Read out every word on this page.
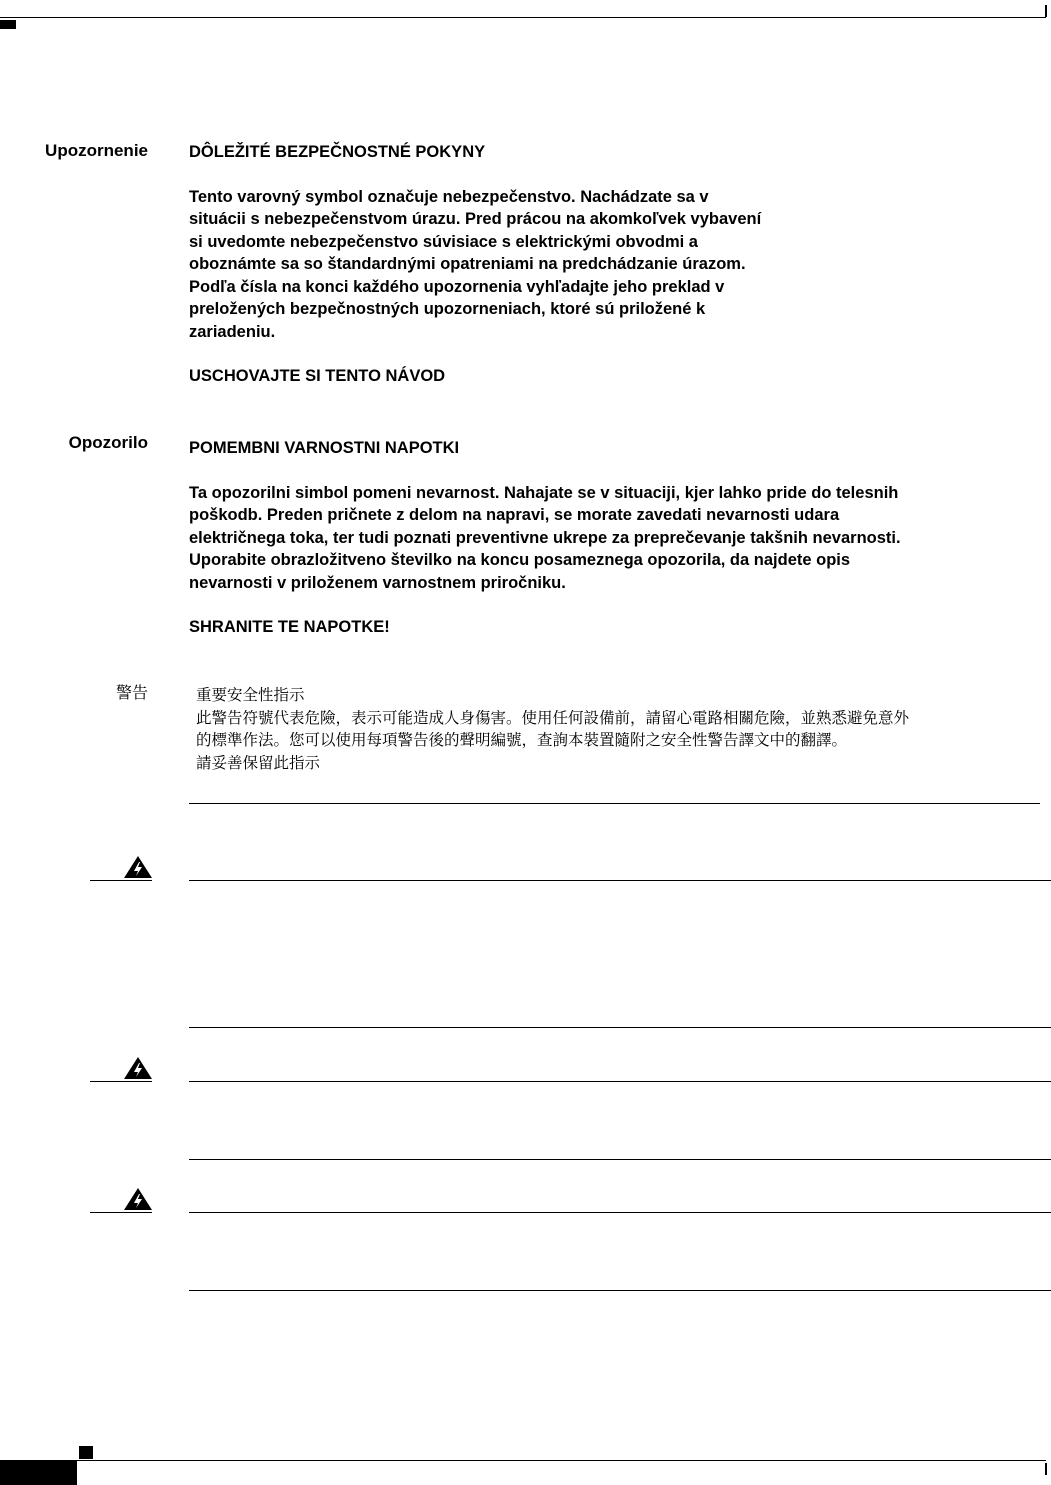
Upozornenie DÔLEŽITÉ BEZPEČNOSTNÉ POKYNY

Tento varovný symbol označuje nebezpečenstvo. Nachádzate sa v
situácii s nebezpečenstvom úrazu. Pred prácou na akomkoľvek vybavení
si uvedomte nebezpečenstvo súvisiace s elektrickými obvodmi a
oboznámte sa so štandardnými opatreniami na predchádzanie úrazom.
Podľa čísla na konci každého upozornenia vyhľadajte jeho preklad v
preložených bezpečnostných upozorneniach, ktoré sú priložené k
zariadeniu.

USCHOVAJTE SI TENTO NÁVOD

Opozorilo POMEMBNI VARNOSTNI NAPOTKI

Ta opozorilni simbol pomeni nevarnost. Nahajate se v situaciji, kjer lahko pride do telesnih
poškodb. Preden pričnete z delom na napravi, se morate zavedati nevarnosti udara
električnega toka, ter tudi poznati preventivne ukrepe za preprečevanje takšnih nevarnosti.
Uporabite obrazložitveno številko na koncu posameznega opozorila, da najdete opis
nevarnosti v priloženem varnostnem priročniku.

SHRANITE TE NAPOTKE!

警告	重要安全性指示
此警告符號代表危險，表示可能造成人身傷害。使用任何設備前，請留心電路相關危險，並熟悉避免意外
的標準作法。您可以使用每項警告後的聲明編號，查詢本裝置隨附之安全性警告譯文中的翻譯。
請妥善保留此指示
